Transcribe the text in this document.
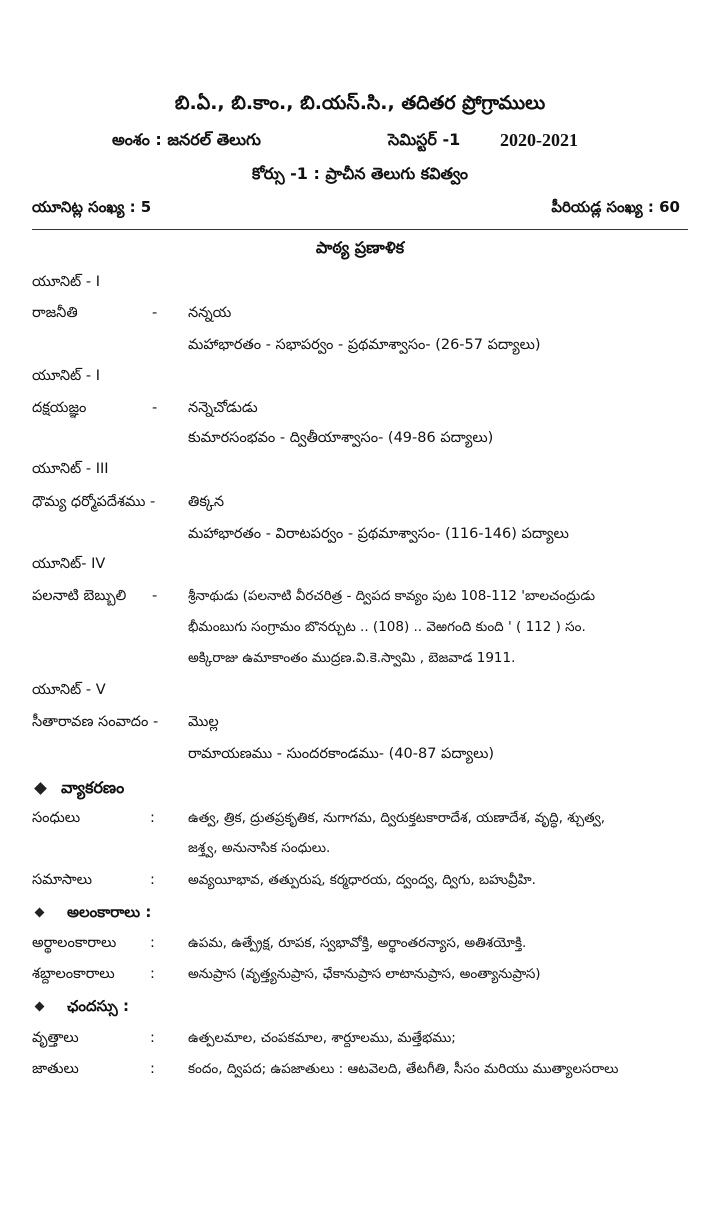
బి.ఏ., బి.కాం., బి.యస్.సి., తదితర ప్రోగ్రాములు
అంశం : జనరల్ తెలుగు	సెమిస్టర్ -1 2020-2021
కోర్సు -1 : ప్రాచీన తెలుగు కవిత్వం
యూనిట్ల సంఖ్య : 5	పీరియడ్ల సంఖ్య : 60
పాఠ్య ప్రణాళిక
యూనిట్ - I
రాజనీతి	- నన్నయ
మహాభారతం - సభాపర్వం - ప్రథమాశ్వాసం- (26-57 పద్యాలు)
యూనిట్ - I
దక్షయజ్ఞం	- నన్నెచోడుడు
కుమారసంభవం - ద్వితీయాశ్వాసం- (49-86 పద్యాలు)
యూనిట్ - III
ధౌమ్య ధర్మోపదేశము - తిక్కన
మహాభారతం - విరాటపర్వం - ప్రథమాశ్వాసం- (116-146) పద్యాలు
యూనిట్- IV
పలనాటి బెబ్బులి - శ్రీనాథుడు (పలనాటి వీరచరిత్ర - ద్విపద కావ్యం పుట 108-112 'బాలచంద్రుడు
భీమంబుగు సంగ్రామం బొనర్చుట .. (108) .. వెఱగంది కుంది ' ( 112 ) సం.
అక్కిరాజు ఉమాకాంతం ముద్రణ.వి.కె.స్వామి , బెజవాడ 1911.
యూనిట్ - V
సీతారావణ సంవాదం - మొల్ల
రామాయణము - సుందరకాండము- (40-87 పద్యాలు)
వ్యాకరణం
సంధులు	: ఉత్వ, త్రిక, ద్రుతప్రకృతిక, నుగాగమ, ద్విరుక్తటకారాదేశ, యణాదేశ, వృద్ధి, శ్చుత్వ,
జశ్త్వ, అనునాసిక సంధులు.
సమాసాలు	: అవ్యయీభావ, తత్పురుష, కర్మధారయ, ద్వంద్వ, ద్విగు, బహువ్రీహి.
అలంకారాలు :
అర్థాలంకారాలు : ఉపమ, ఉత్ప్రేక్ష, రూపక, స్వభావోక్తి, అర్థాంతరన్యాస, అతిశయోక్తి.
శబ్దాలంకారాలు : అనుప్రాస (వృత్త్యనుప్రాస, ఛేకానుప్రాస లాటానుప్రాస, అంత్యానుప్రాస)
ఛందస్సు :
వృత్తాలు	: ఉత్పలమాల, చంపకమాల, శార్దూలము, మత్తేభము;
జాతులు	: కందం, ద్విపద; ఉపజాతులు : ఆటవెలది, తేటగీతి, సీసం మరియు ముత్యాలసరాలు
